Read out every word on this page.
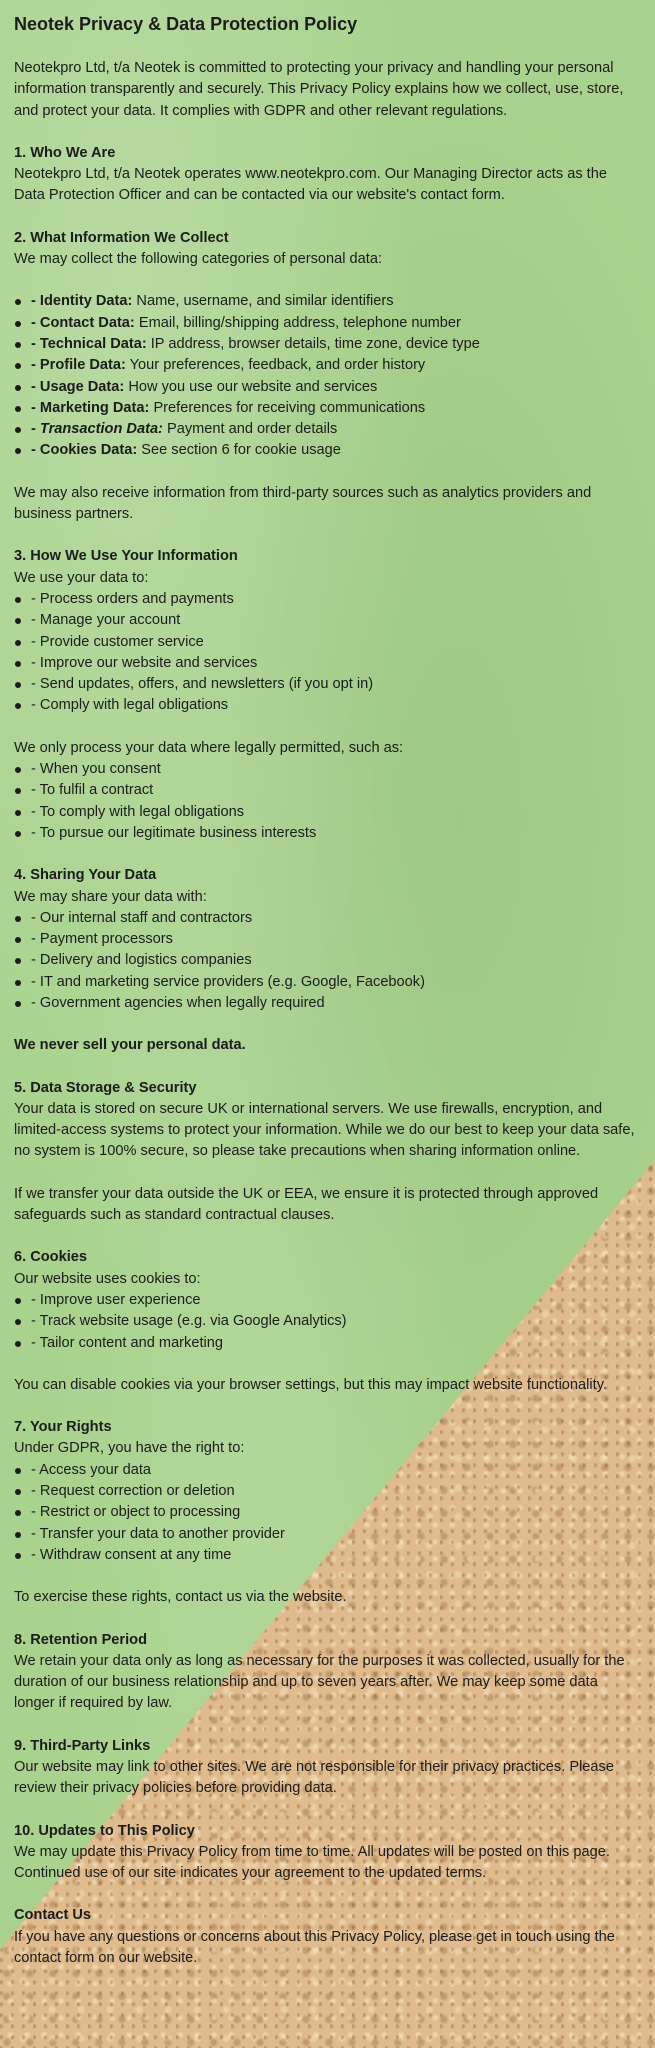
Neotek Privacy & Data Protection Policy

Neotekpro Ltd, t/a Neotek is committed to protecting your privacy and handling your personal information transparently and securely. This Privacy Policy explains how we collect, use, store, and protect your data. It complies with GDPR and other relevant regulations.

1. Who We Are

Neotekpro Ltd, t/a Neotek operates www.neotekpro.com. Our Managing Director acts as the Data Protection Officer and can be contacted via our website's contact form.

2. What Information We Collect

We may collect the following categories of personal data:

- Identity Data: Name, username, and similar identifiers
- Contact Data: Email, billing/shipping address, telephone number
- Technical Data: IP address, browser details, time zone, device type
- Profile Data: Your preferences, feedback, and order history
- Usage Data: How you use our website and services
- Marketing Data: Preferences for receiving communications
- Transaction Data: Payment and order details
- Cookies Data: See section 6 for cookie usage

We may also receive information from third-party sources such as analytics providers and business partners.

3. How We Use Your Information

We use your data to:

- Process orders and payments
- Manage your account
- Provide customer service
- Improve our website and services
- Send updates, offers, and newsletters (if you opt in)
- Comply with legal obligations

We only process your data where legally permitted, such as:

- When you consent
- To fulfil a contract
- To comply with legal obligations
- To pursue our legitimate business interests

4. Sharing Your Data

We may share your data with:

- Our internal staff and contractors
- Payment processors
- Delivery and logistics companies
- IT and marketing service providers (e.g. Google, Facebook)
- Government agencies when legally required

We never sell your personal data.

5. Data Storage & Security

Your data is stored on secure UK or international servers. We use firewalls, encryption, and limited-access systems to protect your information. While we do our best to keep your data safe, no system is 100% secure, so please take precautions when sharing information online.

If we transfer your data outside the UK or EEA, we ensure it is protected through approved safeguards such as standard contractual clauses.

6. Cookies

Our website uses cookies to:

- Improve user experience
- Track website usage (e.g. via Google Analytics)
- Tailor content and marketing

You can disable cookies via your browser settings, but this may impact website functionality.

7. Your Rights

Under GDPR, you have the right to:

- Access your data
- Request correction or deletion
- Restrict or object to processing
- Transfer your data to another provider
- Withdraw consent at any time

To exercise these rights, contact us via the website.

8. Retention Period

We retain your data only as long as necessary for the purposes it was collected, usually for the duration of our business relationship and up to seven years after. We may keep some data longer if required by law.

9. Third-Party Links

Our website may link to other sites. We are not responsible for their privacy practices. Please review their privacy policies before providing data.

10. Updates to This Policy

We may update this Privacy Policy from time to time. All updates will be posted on this page. Continued use of our site indicates your agreement to the updated terms.

Contact Us

If you have any questions or concerns about this Privacy Policy, please get in touch using the contact form on our website.
